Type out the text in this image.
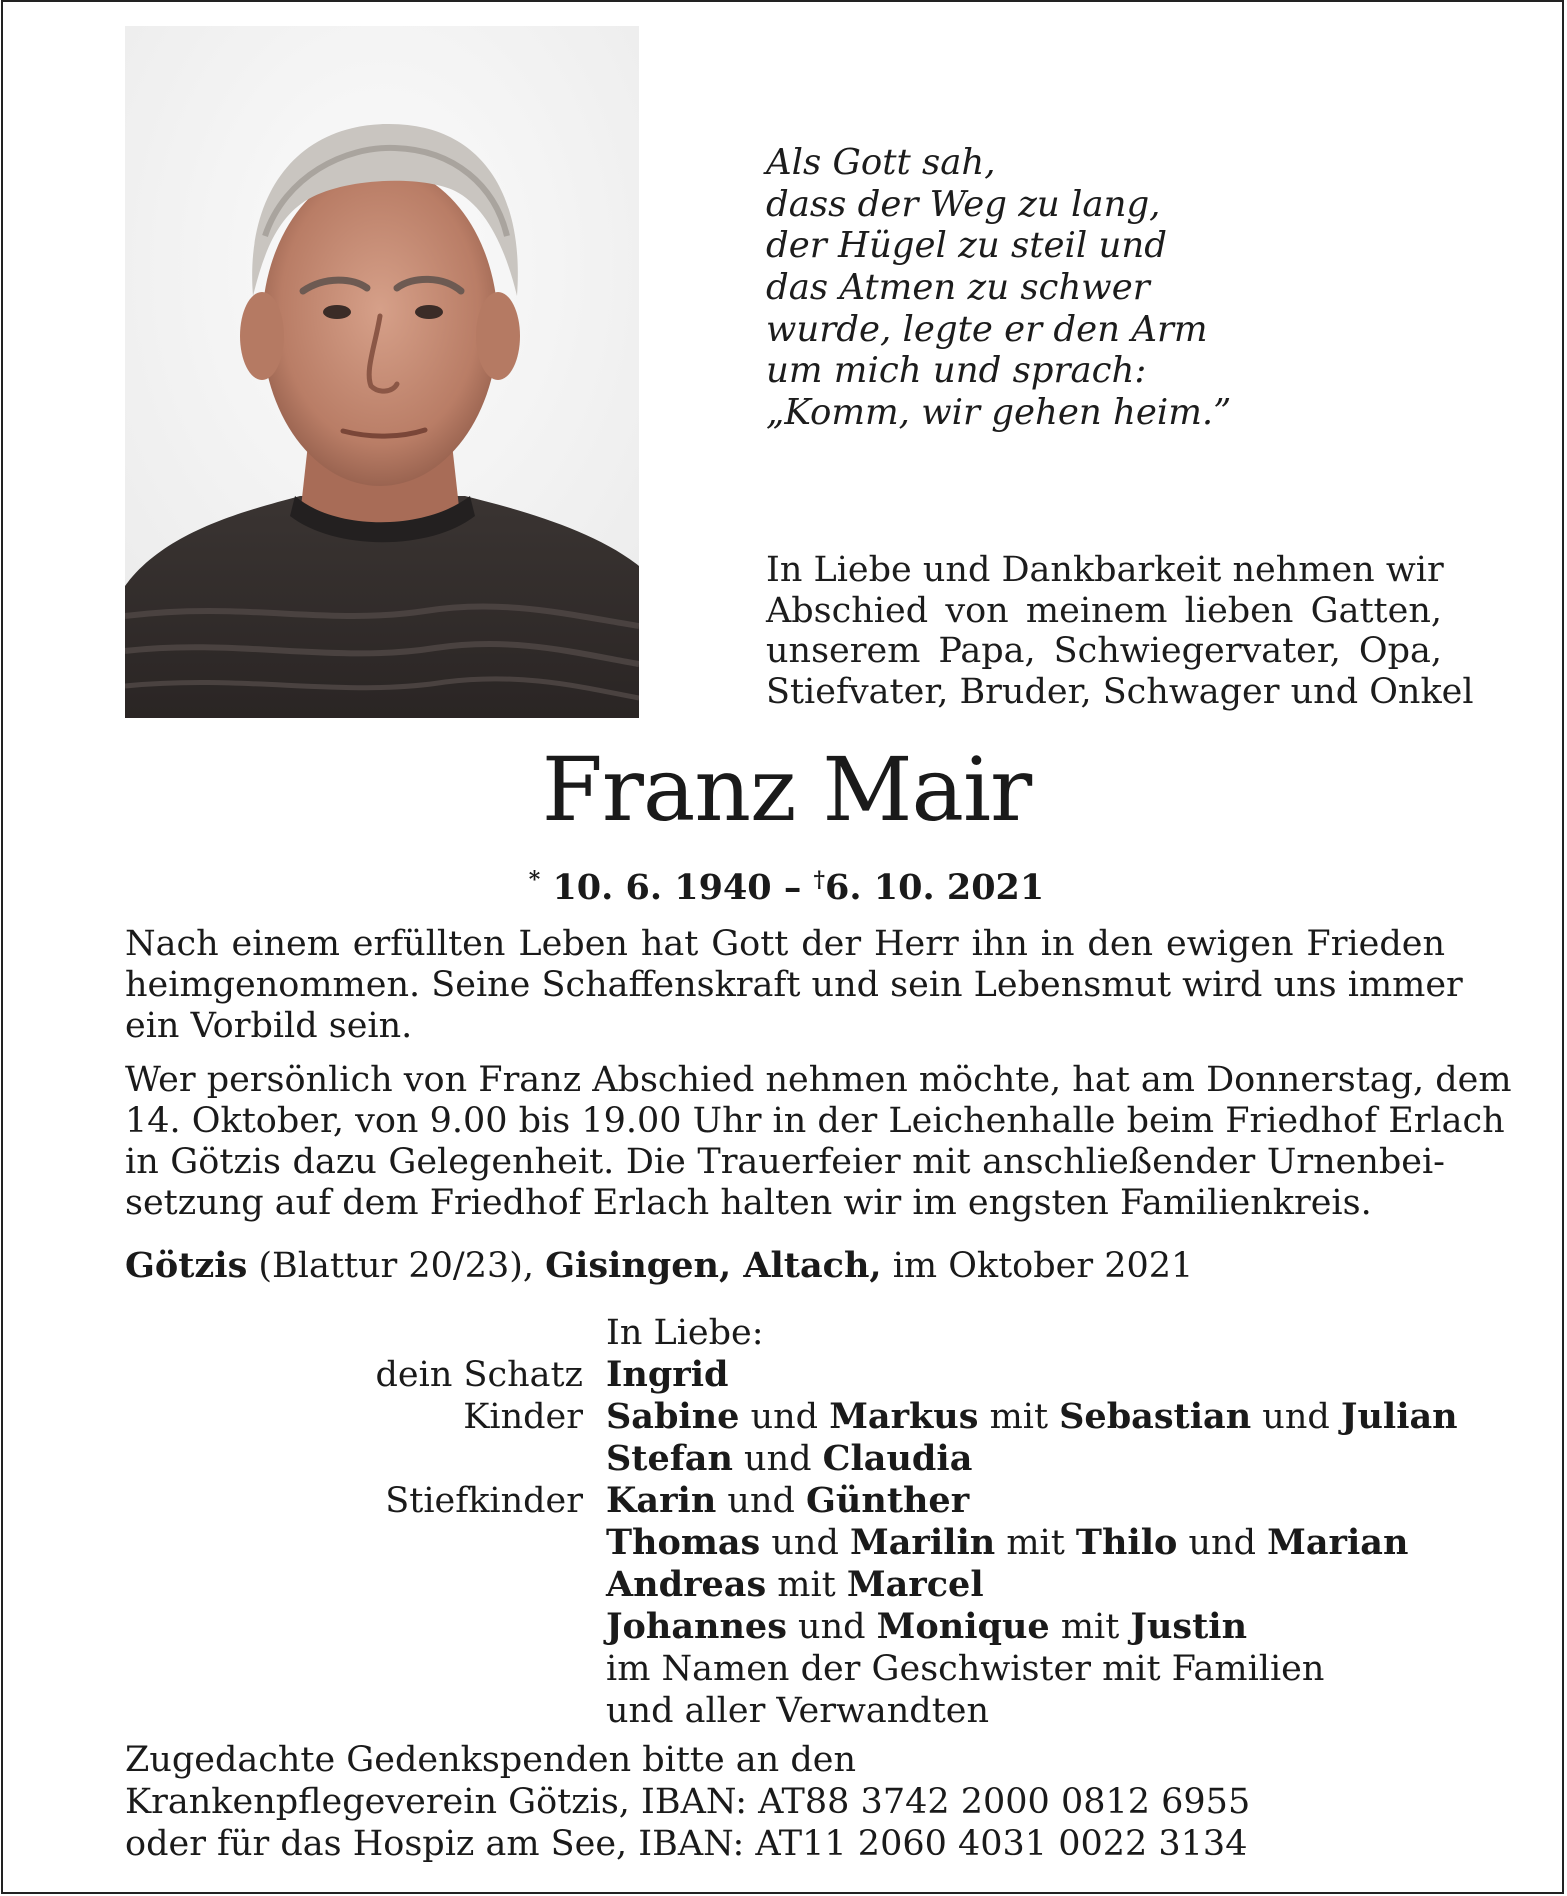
Als Gott sah,
dass der Weg zu lang,
der Hügel zu steil und
das Atmen zu schwer
wurde, legte er den Arm
um mich und sprach:
„Komm, wir gehen heim.”
In Liebe und Dankbarkeit nehmen wir
Abschied von meinem lieben Gatten,
unserem Papa, Schwiegervater, Opa,
Stiefvater, Bruder, Schwager und Onkel
Franz Mair
* 10. 6. 1940 – †6. 10. 2021
Nach einem erfüllten Leben hat Gott der Herr ihn in den ewigen Frieden
heimgenommen. Seine Schaffenskraft und sein Lebensmut wird uns immer
ein Vorbild sein.
Wer persönlich von Franz Abschied nehmen möchte, hat am Donnerstag, dem
14. Oktober, von 9.00 bis 19.00 Uhr in der Leichenhalle beim Friedhof Erlach
in Götzis dazu Gelegenheit. Die Trauerfeier mit anschließender Urnenbei-
setzung auf dem Friedhof Erlach halten wir im engsten Familienkreis.
Götzis (Blattur 20/23), Gisingen, Altach, im Oktober 2021
In Liebe:
dein Schatz Ingrid
Kinder Sabine und Markus mit Sebastian und Julian
Stefan und Claudia
Stiefkinder Karin und Günther
Thomas und Marilin mit Thilo und Marian
Andreas mit Marcel
Johannes und Monique mit Justin
im Namen der Geschwister mit Familien
und aller Verwandten
Zugedachte Gedenkspenden bitte an den
Krankenpflegeverein Götzis, IBAN: AT88 3742 2000 0812 6955
oder für das Hospiz am See, IBAN: AT11 2060 4031 0022 3134
